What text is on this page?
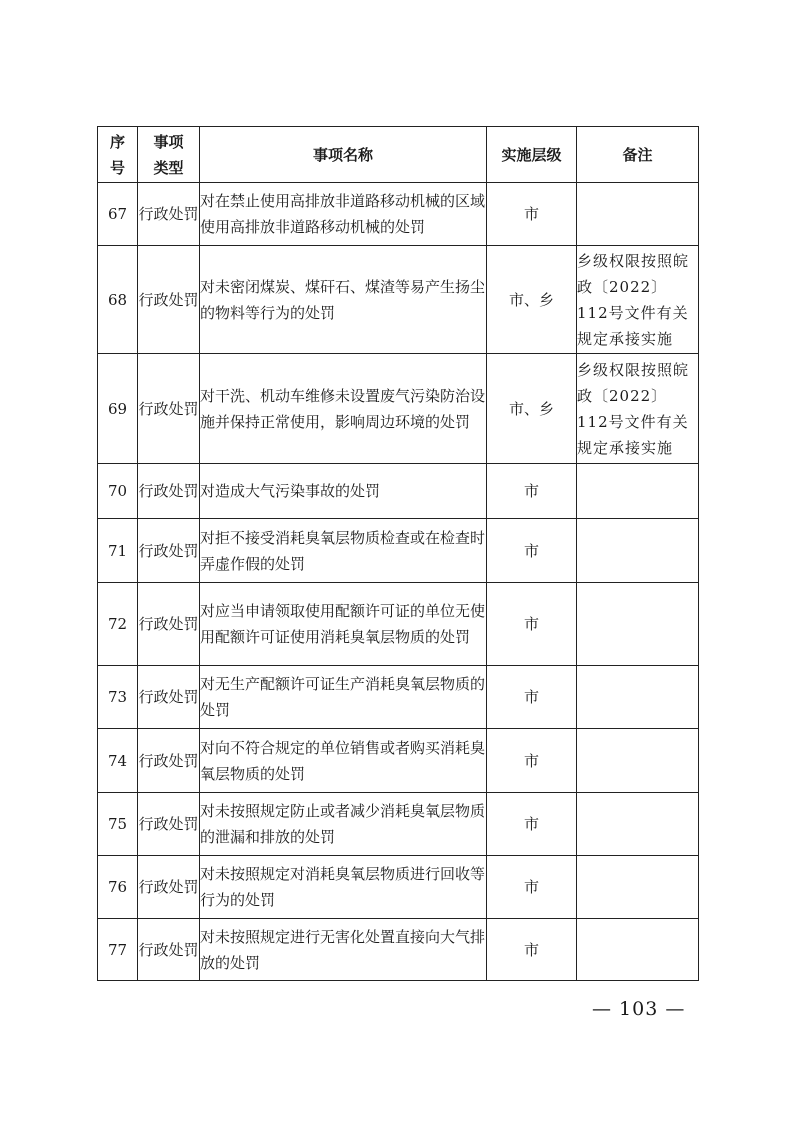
序号	事项类型	事项名称	实施层级	备注
67	行政处罚	对在禁止使用高排放非道路移动机械的区域使用高排放非道路移动机械的处罚	市	
68	行政处罚	对未密闭煤炭、煤矸石、煤渣等易产生扬尘的物料等行为的处罚	市、乡	乡级权限按照皖政〔2022〕112号文件有关规定承接实施
69	行政处罚	对干洗、机动车维修未设置废气污染防治设施并保持正常使用，影响周边环境的处罚	市、乡	乡级权限按照皖政〔2022〕112号文件有关规定承接实施
70	行政处罚	对造成大气污染事故的处罚	市	
71	行政处罚	对拒不接受消耗臭氧层物质检查或在检查时弄虚作假的处罚	市	
72	行政处罚	对应当申请领取使用配额许可证的单位无使用配额许可证使用消耗臭氧层物质的处罚	市	
73	行政处罚	对无生产配额许可证生产消耗臭氧层物质的处罚	市	
74	行政处罚	对向不符合规定的单位销售或者购买消耗臭氧层物质的处罚	市	
75	行政处罚	对未按照规定防止或者减少消耗臭氧层物质的泄漏和排放的处罚	市	
76	行政处罚	对未按照规定对消耗臭氧层物质进行回收等行为的处罚	市	
77	行政处罚	对未按照规定进行无害化处置直接向大气排放的处罚	市	
— 103 —
